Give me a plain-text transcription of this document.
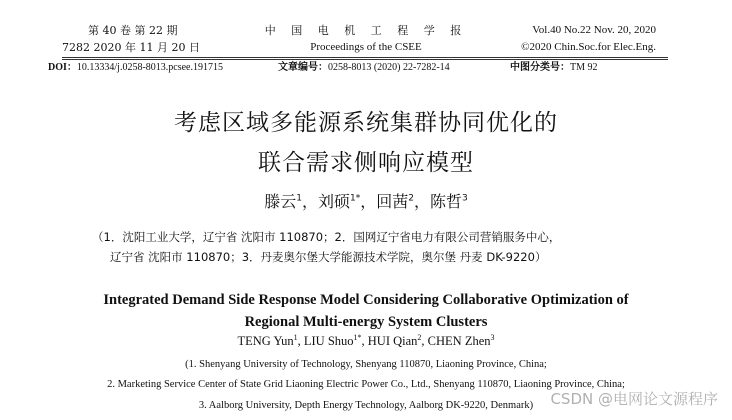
第 40 卷 第 22 期
7282 2020 年 11 月 20 日
中 国 电 机 工 程 学 报
Proceedings of the CSEE
Vol.40 No.22 Nov. 20, 2020
©2020 Chin.Soc.for Elec.Eng.
DOI：10.13334/j.0258-8013.pcsee.191715	文章编号：0258-8013 (2020) 22-7282-14	中图分类号：TM 92
考虑区域多能源系统集群协同优化的
联合需求侧响应模型
滕云$^1$，刘硕$^{1*}$，回茜$^2$，陈哲$^3$
（1．沈阳工业大学，辽宁省 沈阳市 110870；2．国网辽宁省电力有限公司营销服务中心，
辽宁省 沈阳市 110870；3．丹麦奥尔堡大学能源技术学院，奥尔堡 丹麦 DK-9220）
Integrated Demand Side Response Model Considering Collaborative Optimization of
Regional Multi-energy System Clusters
TENG Yun$^1$, LIU Shuo$^{1*}$, HUI Qian$^2$, CHEN Zhen$^3$
(1. Shenyang University of Technology, Shenyang 110870, Liaoning Province, China;
2. Marketing Service Center of State Grid Liaoning Electric Power Co., Ltd., Shenyang 110870, Liaoning Province, China;
3. Aalborg University, Depth Energy Technology, Aalborg DK-9220, Denmark)	CSDN @电网论文源程序
